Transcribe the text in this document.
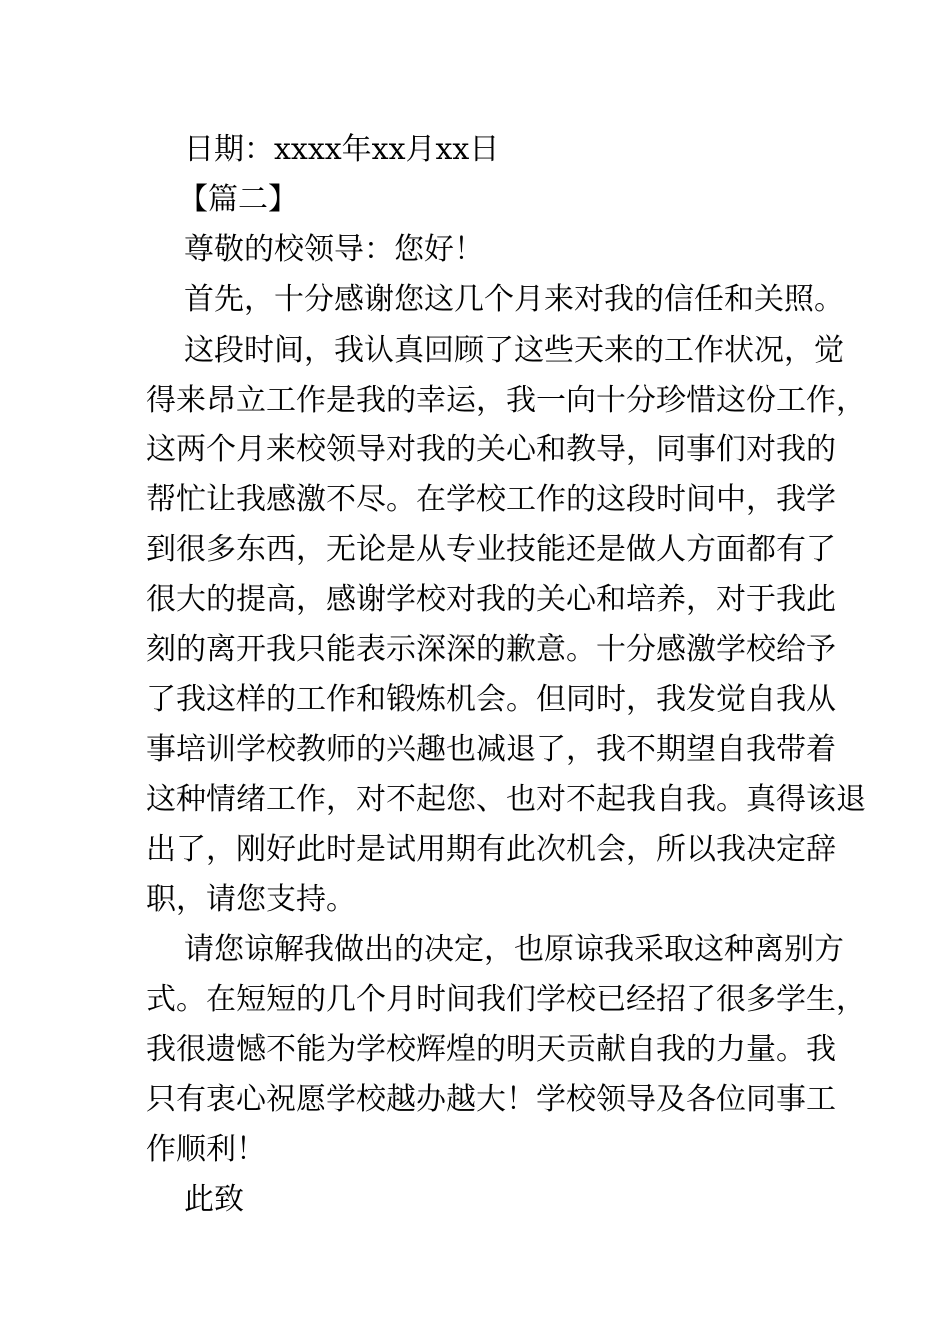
日期：xxxx年xx月xx日
【篇二】
尊敬的校领导：您好！
首先，十分感谢您这几个月来对我的信任和关照。
这段时间，我认真回顾了这些天来的工作状况，觉
得来昂立工作是我的幸运，我一向十分珍惜这份工作，
这两个月来校领导对我的关心和教导，同事们对我的
帮忙让我感激不尽。在学校工作的这段时间中，我学
到很多东西，无论是从专业技能还是做人方面都有了
很大的提高，感谢学校对我的关心和培养，对于我此
刻的离开我只能表示深深的歉意。十分感激学校给予
了我这样的工作和锻炼机会。但同时，我发觉自我从
事培训学校教师的兴趣也减退了，我不期望自我带着
这种情绪工作，对不起您、也对不起我自我。真得该退
出了，刚好此时是试用期有此次机会，所以我决定辞
职，请您支持。
请您谅解我做出的决定，也原谅我采取这种离别方
式。在短短的几个月时间我们学校已经招了很多学生，
我很遗憾不能为学校辉煌的明天贡献自我的力量。我
只有衷心祝愿学校越办越大！学校领导及各位同事工
作顺利！
此致
